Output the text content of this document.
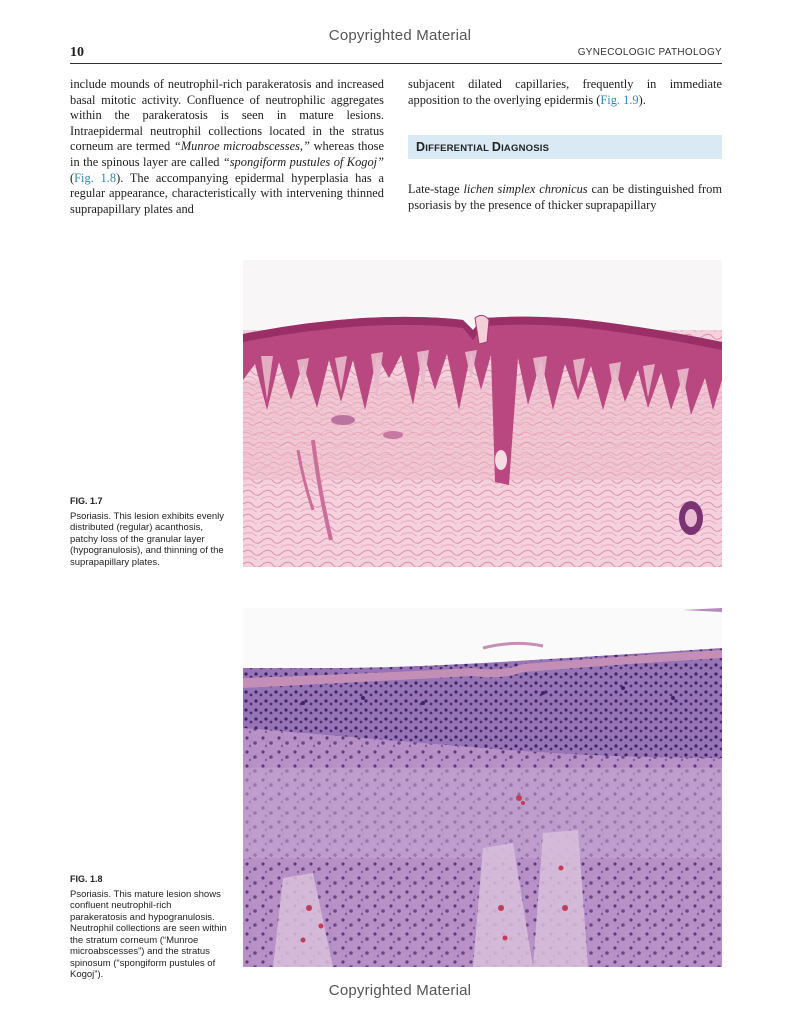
Copyrighted Material
10	GYNECOLOGIC PATHOLOGY

include mounds of neutrophil-rich parakeratosis and increased basal mitotic activity. Confluence of neutrophilic aggregates within the parakeratosis is seen in mature lesions. Intraepidermal neutrophil collections located in the stratus corneum are termed “Munroe microabscesses,” whereas those in the spinous layer are called “spongiform pustules of Kogoj” (Fig. 1.8). The accompanying epidermal hyperplasia has a regular appearance, characteristically with intervening thinned suprapapillary plates and

subjacent dilated capillaries, frequently in immediate apposition to the overlying epidermis (Fig. 1.9).

DIFFERENTIAL DIAGNOSIS

Late-stage lichen simplex chronicus can be distinguished from psoriasis by the presence of thicker suprapapillary

FIG. 1.7
Psoriasis. This lesion exhibits evenly distributed (regular) acanthosis, patchy loss of the granular layer (hypogranulosis), and thinning of the suprapapillary plates.
FIG. 1.8
Psoriasis. This mature lesion shows confluent neutrophil-rich parakeratosis and hypogranulosis. Neutrophil collections are seen within the stratum corneum (“Munroe microabscesses”) and the stratus spinosum (“spongiform pustules of Kogoj”).
Copyrighted Material
